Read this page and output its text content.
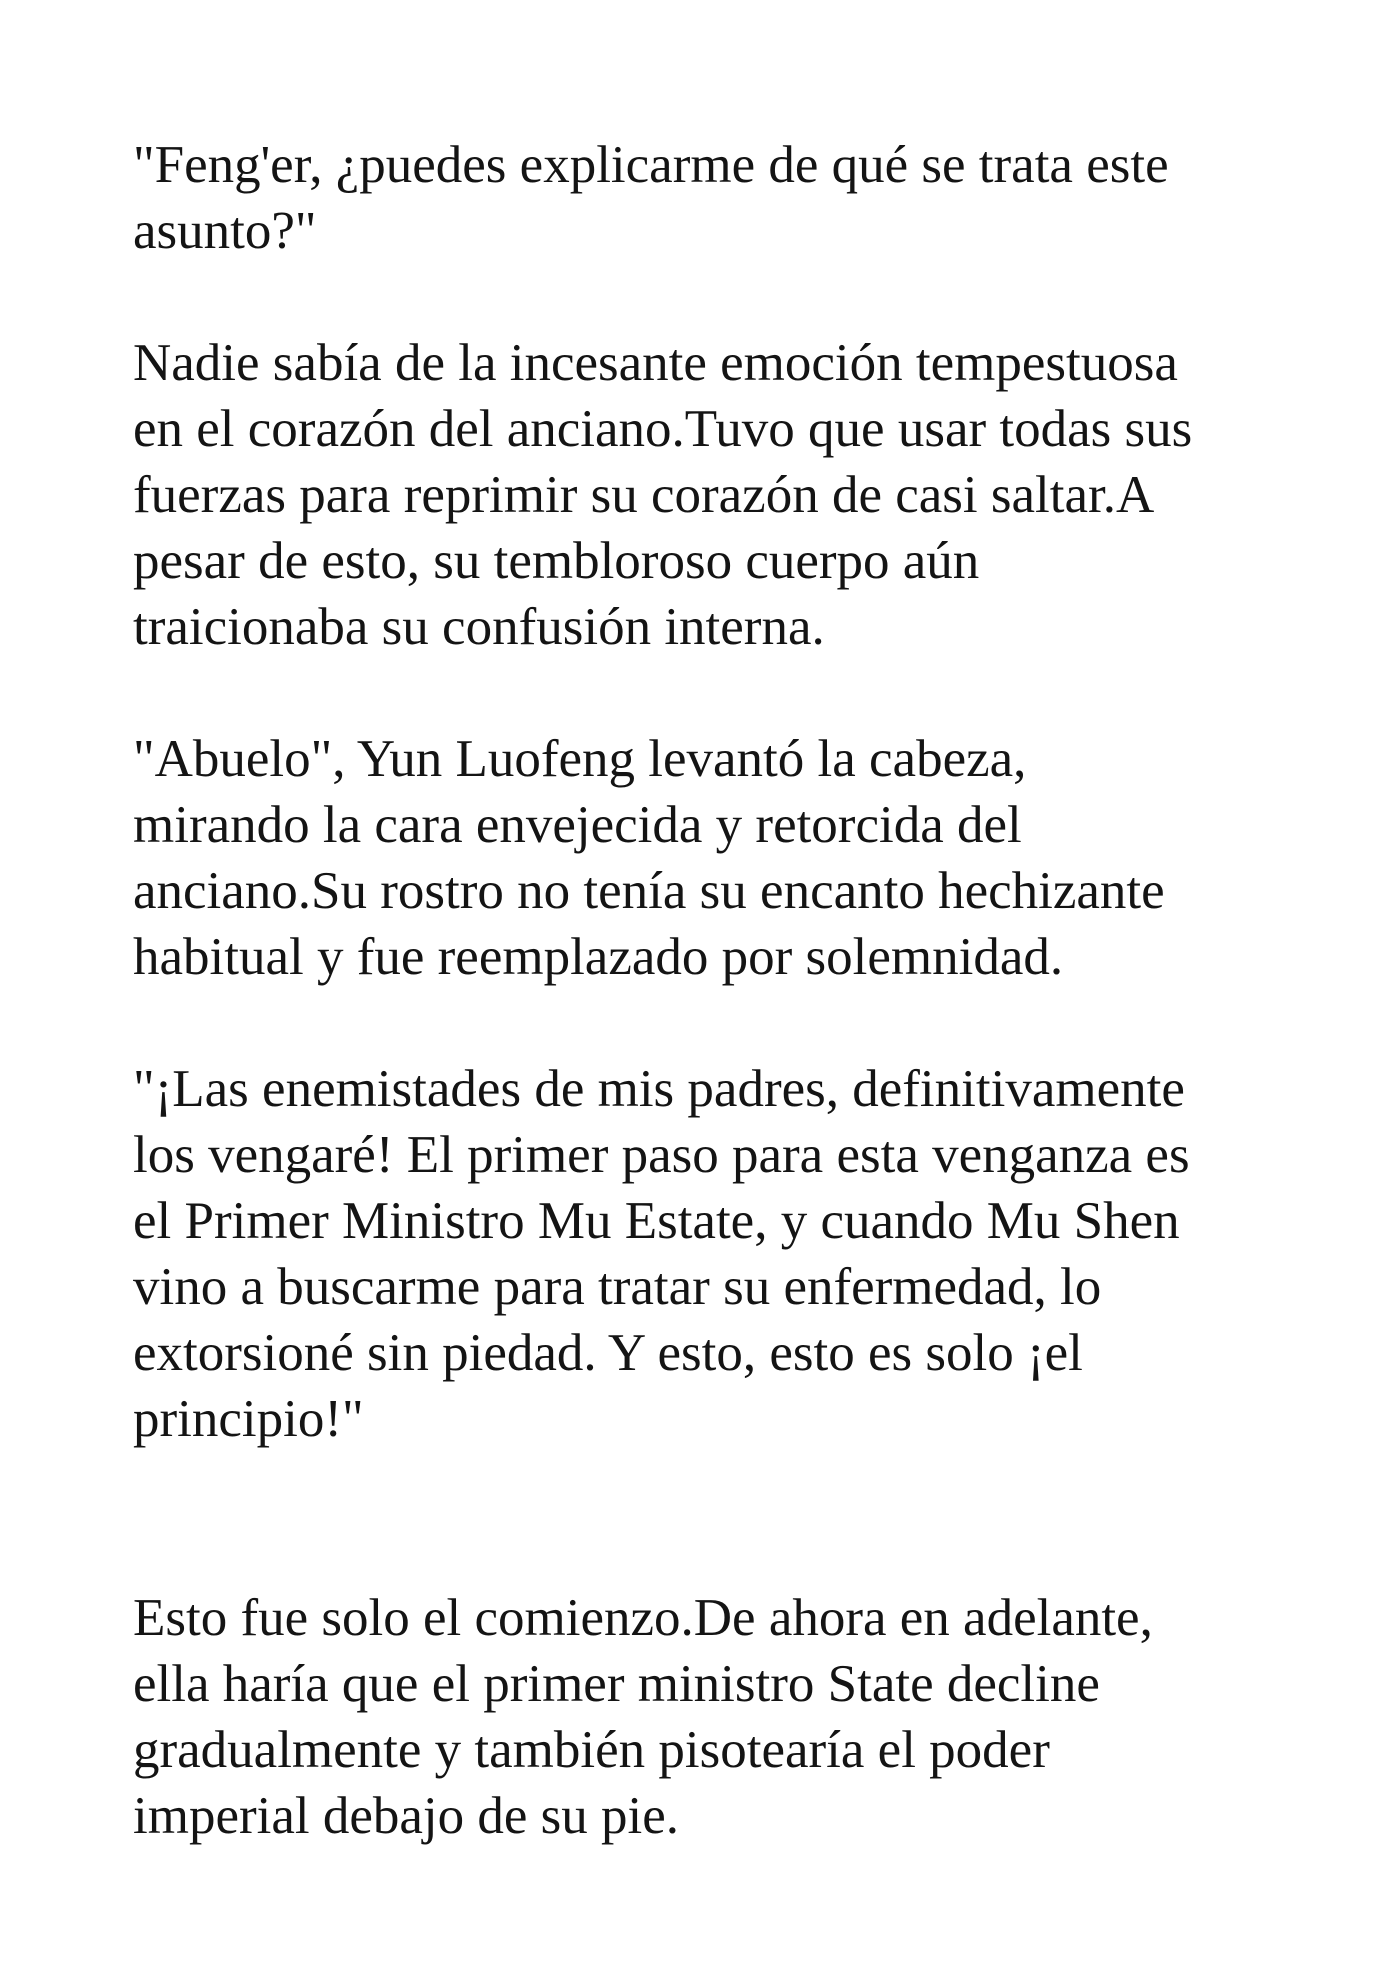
"Feng'er, ¿puedes explicarme de qué se trata este
asunto?"
Nadie sabía de la incesante emoción tempestuosa
en el corazón del anciano.Tuvo que usar todas sus
fuerzas para reprimir su corazón de casi saltar.A
pesar de esto, su tembloroso cuerpo aún
traicionaba su confusión interna.
"Abuelo", Yun Luofeng levantó la cabeza,
mirando la cara envejecida y retorcida del
anciano.Su rostro no tenía su encanto hechizante
habitual y fue reemplazado por solemnidad.
"¡Las enemistades de mis padres, definitivamente
los vengaré! El primer paso para esta venganza es
el Primer Ministro Mu Estate, y cuando Mu Shen
vino a buscarme para tratar su enfermedad, lo
extorsioné sin piedad. Y esto, esto es solo ¡el
principio!"
Esto fue solo el comienzo.De ahora en adelante,
ella haría que el primer ministro State decline
gradualmente y también pisotearía el poder
imperial debajo de su pie.
